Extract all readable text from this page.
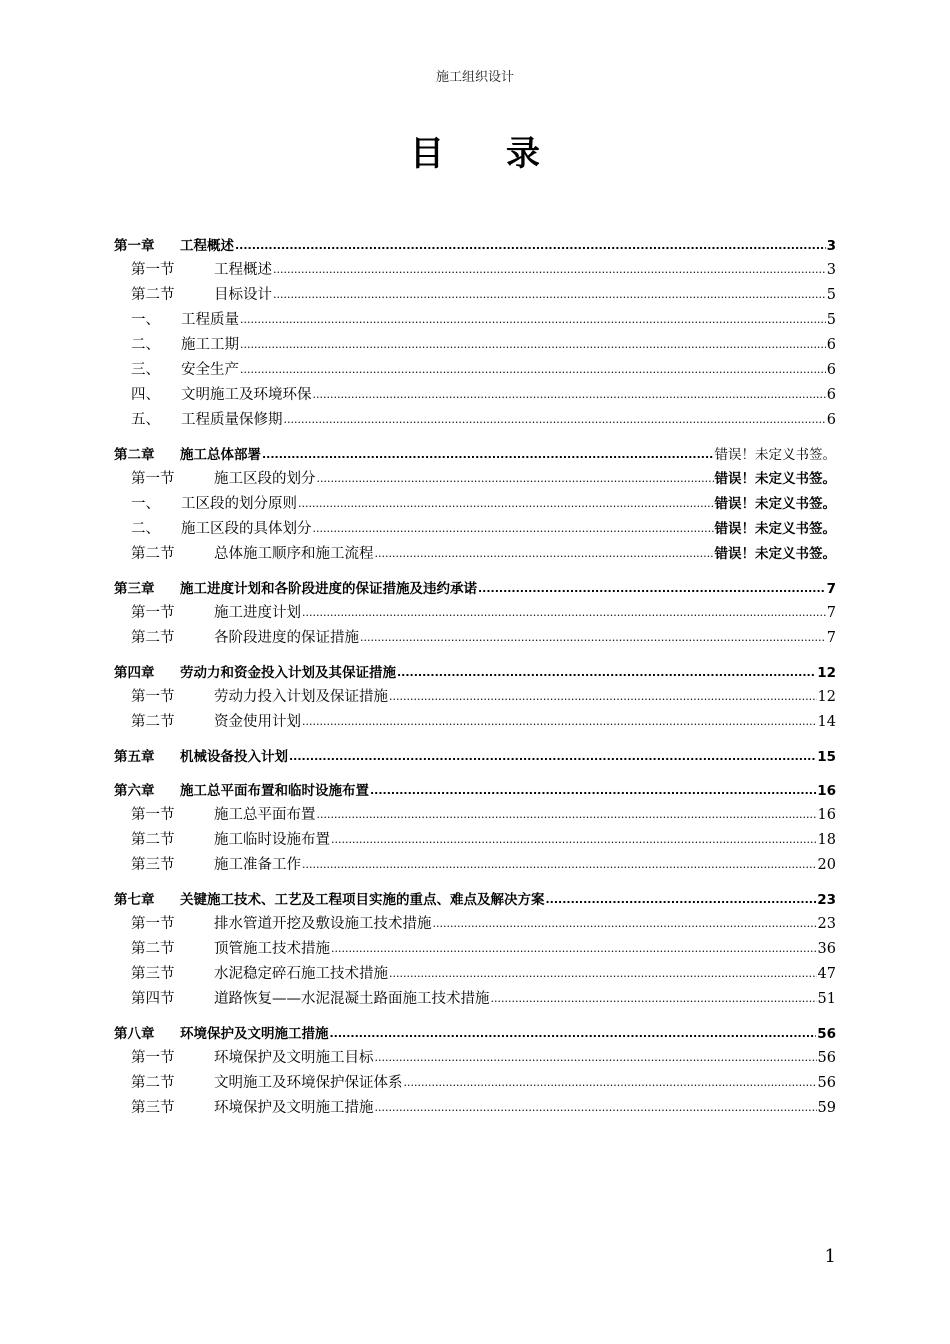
施工组织设计
目录
第一章	工程概述 .....	3
第一节	工程概述 .....	3
第二节	目标设计 .....	5
一、	工程质量 .....	5
二、	施工工期 .....	6
三、	安全生产 .....	6
四、	文明施工及环境环保 .....	6
五、	工程质量保修期 .....	6
第二章	施工总体部署 .....	错误！未定义书签。
第一节	施工区段的划分 .....	错误！未定义书签。
一、	工区段的划分原则 .....	错误！未定义书签。
二、	施工区段的具体划分 .....	错误！未定义书签。
第二节	总体施工顺序和施工流程 .....	错误！未定义书签。
第三章	施工进度计划和各阶段进度的保证措施及违约承诺 .....	7
第一节	施工进度计划 .....	7
第二节	各阶段进度的保证措施 .....	7
第四章	劳动力和资金投入计划及其保证措施 .....	12
第一节	劳动力投入计划及保证措施 .....	12
第二节	资金使用计划 .....	14
第五章	机械设备投入计划 .....	15
第六章	施工总平面布置和临时设施布置 .....	16
第一节	施工总平面布置 .....	16
第二节	施工临时设施布置 .....	18
第三节	施工准备工作 .....	20
第七章	关键施工技术、工艺及工程项目实施的重点、难点及解决方案 .....	23
第一节	排水管道开挖及敷设施工技术措施 .....	23
第二节	顶管施工技术措施 .....	36
第三节	水泥稳定碎石施工技术措施 .....	47
第四节	道路恢复——水泥混凝土路面施工技术措施 .....	51
第八章	环境保护及文明施工措施 .....	56
第一节	环境保护及文明施工目标 .....	56
第二节	文明施工及环境保护保证体系 .....	56
第三节	环境保护及文明施工措施 .....	59
1
